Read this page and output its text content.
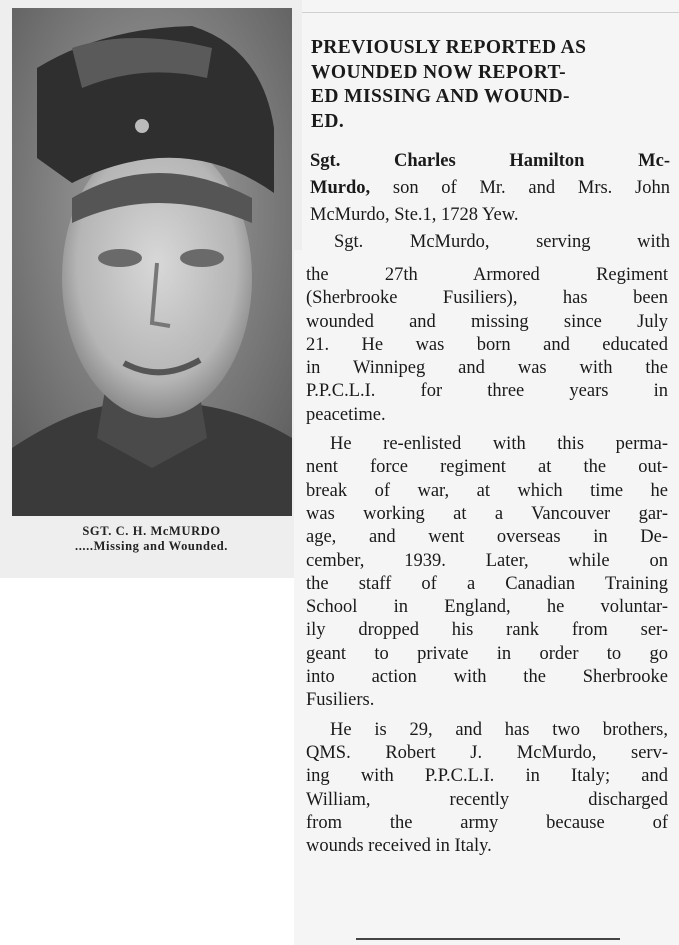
SGT. C. H. McMURDO
.....Missing and Wounded.
PREVIOUSLY REPORTED AS
WOUNDED NOW REPORT-
ED MISSING AND WOUND-
ED.
Sgt. Charles Hamilton Mc-
Murdo, son of Mr. and Mrs. John
McMurdo, Ste.1, 1728 Yew.
Sgt. McMurdo, serving with
the 27th Armored Regiment
(Sherbrooke Fusiliers), has been
wounded and missing since July
21. He was born and educated
in Winnipeg and was with the
P.P.C.L.I. for three years in
peacetime.
He re-enlisted with this perma-
nent force regiment at the out-
break of war, at which time he
was working at a Vancouver gar-
age, and went overseas in De-
cember, 1939. Later, while on
the staff of a Canadian Training
School in England, he voluntar-
ily dropped his rank from ser-
geant to private in order to go
into action with the Sherbrooke
Fusiliers.
He is 29, and has two brothers,
QMS. Robert J. McMurdo, serv-
ing with P.P.C.L.I. in Italy; and
William, recently discharged
from the army because of
wounds received in Italy.
